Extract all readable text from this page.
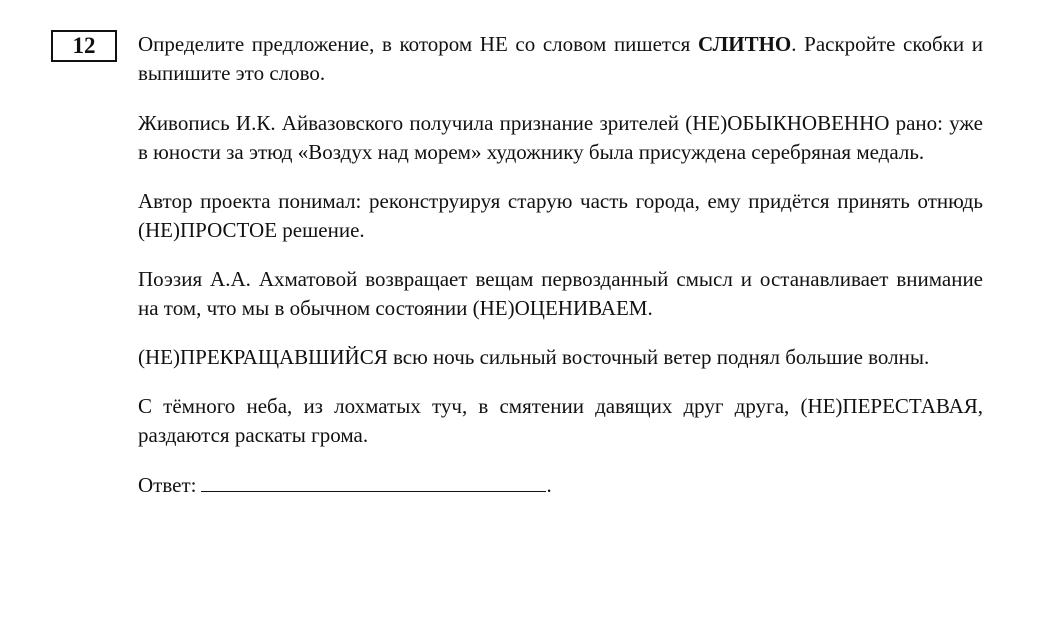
12	Определите предложение, в котором НЕ со словом пишется СЛИТНО. Раскройте скобки и выпишите это слово.

Живопись И.К. Айвазовского получила признание зрителей (НЕ)ОБЫКНОВЕННО рано: уже в юности за этюд «Воздух над морем» художнику была присуждена серебряная медаль.

Автор проекта понимал: реконструируя старую часть города, ему придётся принять отнюдь (НЕ)ПРОСТОЕ решение.

Поэзия А.А. Ахматовой возвращает вещам первозданный смысл и останавливает внимание на том, что мы в обычном состоянии (НЕ)ОЦЕНИВАЕМ.

(НЕ)ПРЕКРАЩАВШИЙСЯ всю ночь сильный восточный ветер поднял большие волны.

С тёмного неба, из лохматых туч, в смятении давящих друг друга, (НЕ)ПЕРЕСТАВАЯ, раздаются раскаты грома.

Ответ:	.
